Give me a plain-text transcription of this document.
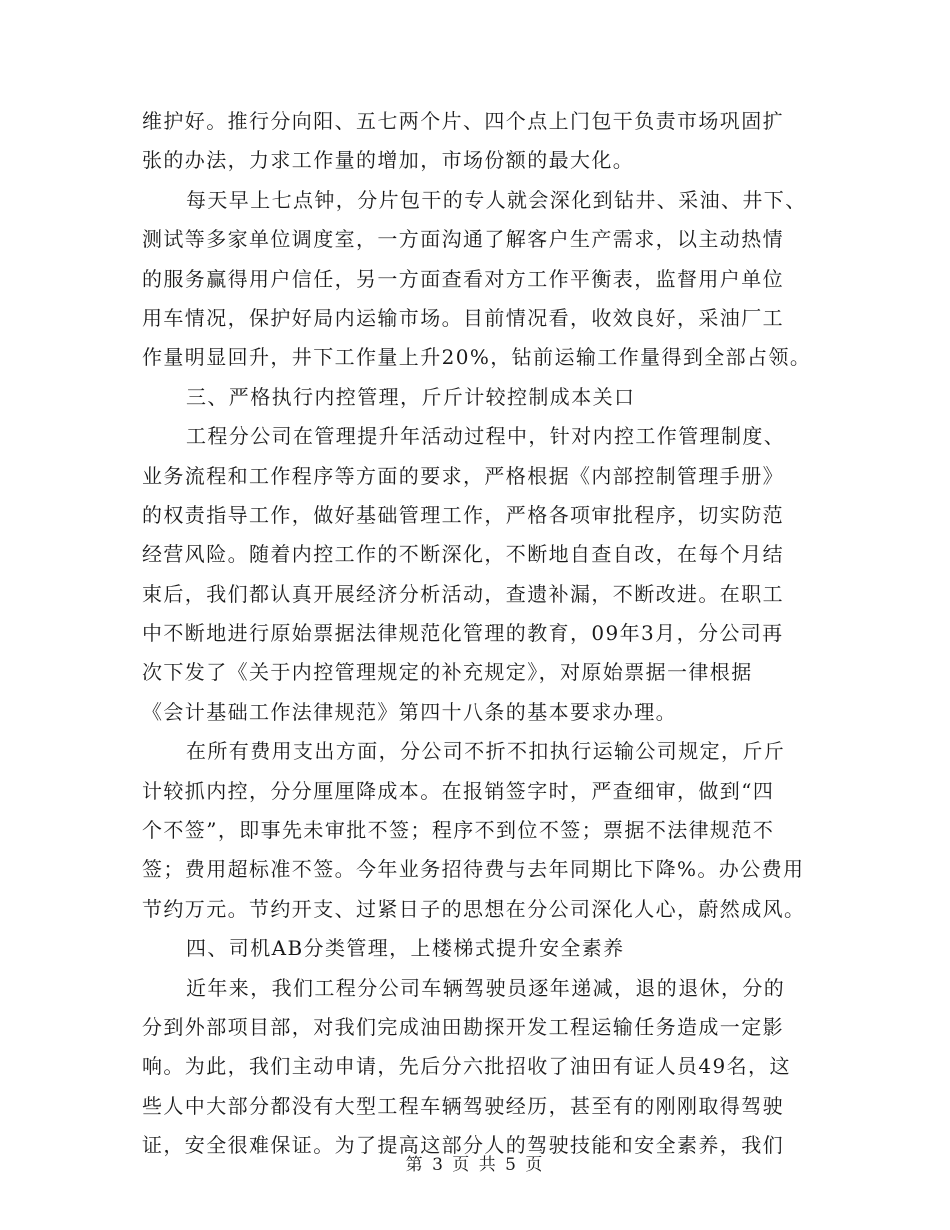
维护好。推行分向阳、五七两个片、四个点上门包干负责市场巩固扩
张的办法，力求工作量的增加，市场份额的最大化。
每天早上七点钟，分片包干的专人就会深化到钻井、采油、井下、
测试等多家单位调度室，一方面沟通了解客户生产需求，以主动热情
的服务赢得用户信任，另一方面查看对方工作平衡表，监督用户单位
用车情况，保护好局内运输市场。目前情况看，收效良好，采油厂工
作量明显回升，井下工作量上升20%，钻前运输工作量得到全部占领。
三、严格执行内控管理，斤斤计较控制成本关口
工程分公司在管理提升年活动过程中，针对内控工作管理制度、
业务流程和工作程序等方面的要求，严格根据《内部控制管理手册》
的权责指导工作，做好基础管理工作，严格各项审批程序，切实防范
经营风险。随着内控工作的不断深化，不断地自查自改，在每个月结
束后，我们都认真开展经济分析活动，查遗补漏，不断改进。在职工
中不断地进行原始票据法律规范化管理的教育，09年3月，分公司再
次下发了《关于内控管理规定的补充规定》，对原始票据一律根据
《会计基础工作法律规范》第四十八条的基本要求办理。
在所有费用支出方面，分公司不折不扣执行运输公司规定，斤斤
计较抓内控，分分厘厘降成本。在报销签字时，严查细审，做到“四
个不签”，即事先未审批不签；程序不到位不签；票据不法律规范不
签；费用超标准不签。今年业务招待费与去年同期比下降%。办公费用
节约万元。节约开支、过紧日子的思想在分公司深化人心，蔚然成风。
四、司机AB分类管理，上楼梯式提升安全素养
近年来，我们工程分公司车辆驾驶员逐年递减，退的退休，分的
分到外部项目部，对我们完成油田勘探开发工程运输任务造成一定影
响。为此，我们主动申请，先后分六批招收了油田有证人员49名，这
些人中大部分都没有大型工程车辆驾驶经历，甚至有的刚刚取得驾驶
证，安全很难保证。为了提高这部分人的驾驶技能和安全素养，我们
第 3 页 共 5 页
